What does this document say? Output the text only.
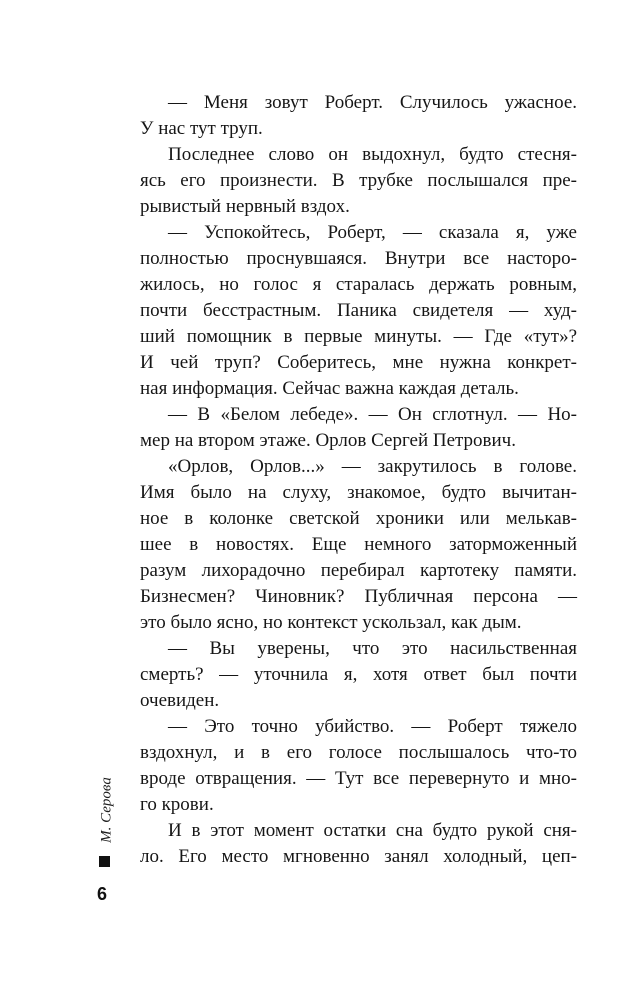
М. Серова
6
— Меня зовут Роберт. Случилось ужасное.
У нас тут труп.
Последнее слово он выдохнул, будто стесня-
ясь его произнести. В трубке послышался пре-
рывистый нервный вздох.
— Успокойтесь, Роберт, — сказала я, уже
полностью проснувшаяся. Внутри все насторо-
жилось, но голос я старалась держать ровным,
почти бесстрастным. Паника свидетеля — худ-
ший помощник в первые минуты. — Где «тут»?
И чей труп? Соберитесь, мне нужна конкрет-
ная информация. Сейчас важна каждая деталь.
— В «Белом лебеде». — Он сглотнул. — Но-
мер на втором этаже. Орлов Сергей Петрович.
«Орлов, Орлов...» — закрутилось в голове.
Имя было на слуху, знакомое, будто вычитан-
ное в колонке светской хроники или мелькав-
шее в новостях. Еще немного заторможенный
разум лихорадочно перебирал картотеку памяти.
Бизнесмен? Чиновник? Публичная персона —
это было ясно, но контекст ускользал, как дым.
— Вы уверены, что это насильственная
смерть? — уточнила я, хотя ответ был почти
очевиден.
— Это точно убийство. — Роберт тяжело
вздохнул, и в его голосе послышалось что-то
вроде отвращения. — Тут все перевернуто и мно-
го крови.
И в этот момент остатки сна будто рукой сня-
ло. Его место мгновенно занял холодный, цеп-
